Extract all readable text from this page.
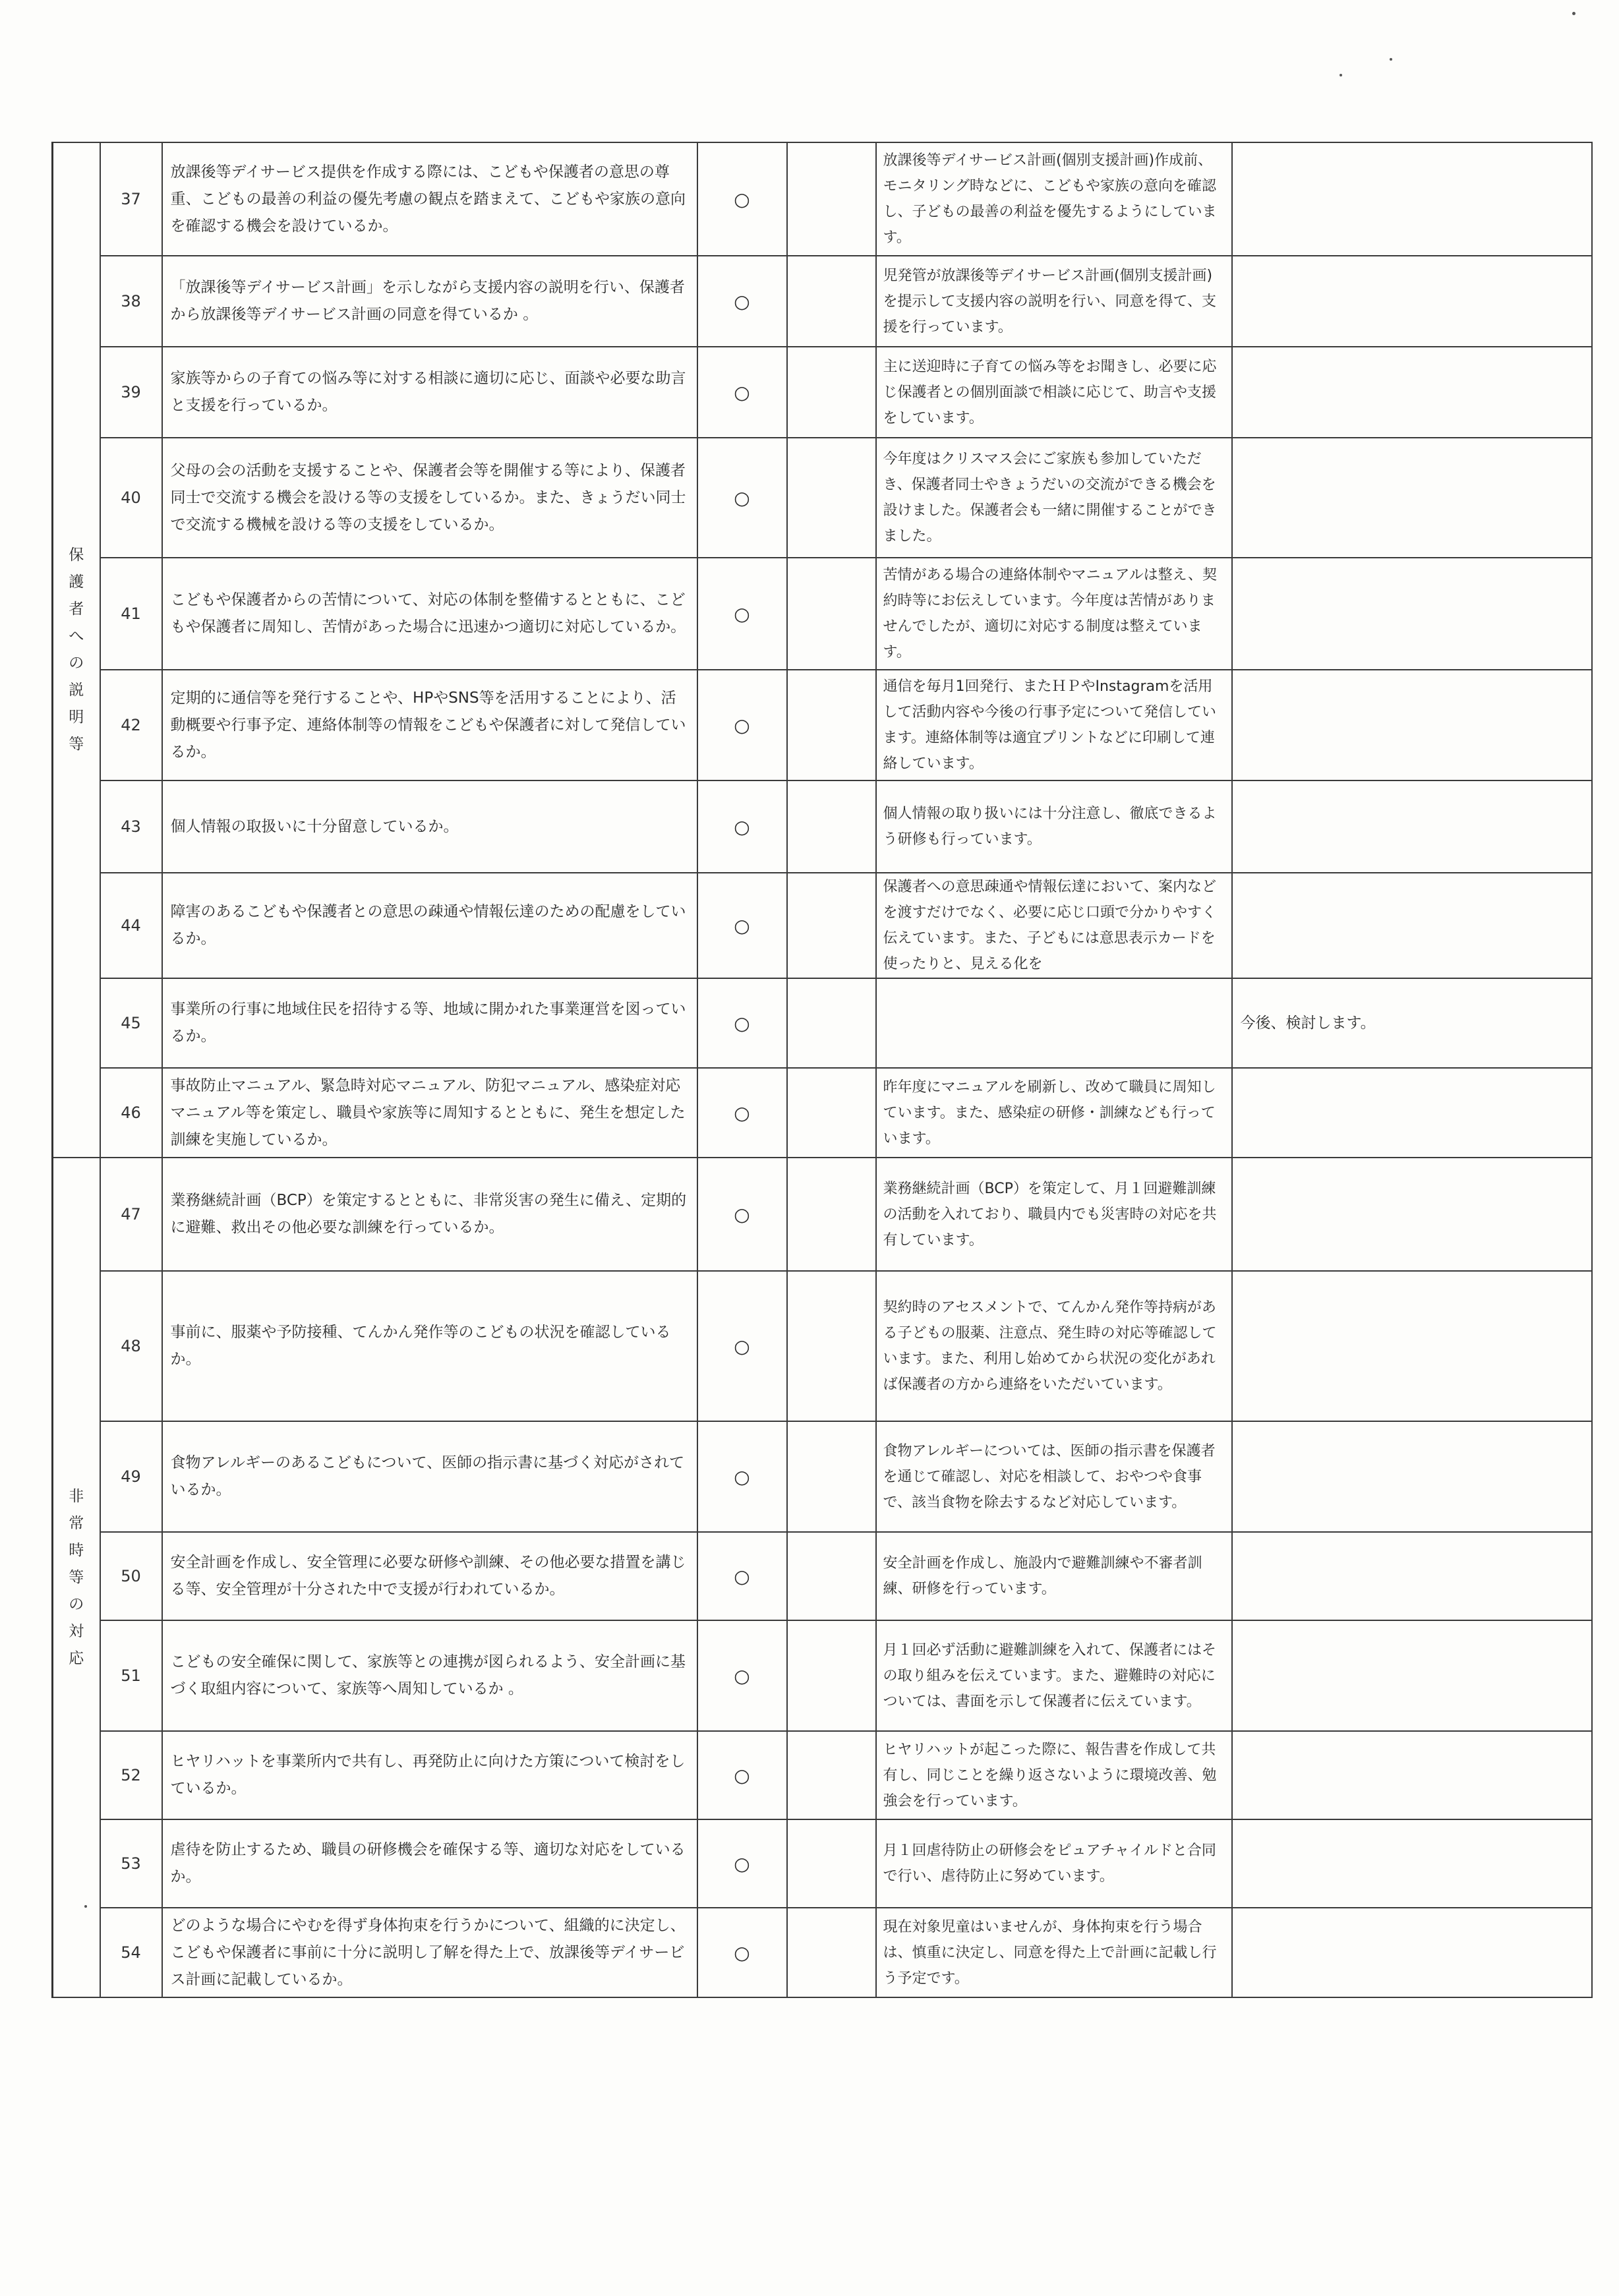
保護者への説明等	37	放課後等デイサービス提供を作成する際には、こどもや保護者の意思の尊重、こどもの最善の利益の優先考慮の観点を踏まえて、こどもや家族の意向を確認する機会を設けているか。	○		放課後等デイサービス計画(個別支援計画)作成前、モニタリング時などに、こどもや家族の意向を確認し、子どもの最善の利益を優先するようにしています。	
	38	「放課後等デイサービス計画」を示しながら支援内容の説明を行い、保護者から放課後等デイサービス計画の同意を得ているか 。	○		児発管が放課後等デイサービス計画(個別支援計画)を提示して支援内容の説明を行い、同意を得て、支援を行っています。	
	39	家族等からの子育ての悩み等に対する相談に適切に応じ、面談や必要な助言と支援を行っているか。	○		主に送迎時に子育ての悩み等をお聞きし、必要に応じ保護者との個別面談で相談に応じて、助言や支援をしています。	
	40	父母の会の活動を支援することや、保護者会等を開催する等により、保護者同士で交流する機会を設ける等の支援をしているか。また、きょうだい同士で交流する機械を設ける等の支援をしているか。	○		今年度はクリスマス会にご家族も参加していただき、保護者同士やきょうだいの交流ができる機会を設けました。保護者会も一緒に開催することができました。	
	41	こどもや保護者からの苦情について、対応の体制を整備するとともに、こどもや保護者に周知し、苦情があった場合に迅速かつ適切に対応しているか。	○		苦情がある場合の連絡体制やマニュアルは整え、契約時等にお伝えしています。今年度は苦情がありませんでしたが、適切に対応する制度は整えています。	
	42	定期的に通信等を発行することや、HPやSNS等を活用することにより、活動概要や行事予定、連絡体制等の情報をこどもや保護者に対して発信しているか。	○		通信を毎月1回発行、またＨＰやInstagramを活用して活動内容や今後の行事予定について発信しています。連絡体制等は適宜プリントなどに印刷して連絡しています。	
	43	個人情報の取扱いに十分留意しているか。	○		個人情報の取り扱いには十分注意し、徹底できるよう研修も行っています。	
	44	障害のあるこどもや保護者との意思の疎通や情報伝達のための配慮をしているか。	○		保護者への意思疎通や情報伝達において、案内などを渡すだけでなく、必要に応じ口頭で分かりやすく伝えています。また、子どもには意思表示カードを使ったりと、見える化を	
	45	事業所の行事に地域住民を招待する等、地域に開かれた事業運営を図っているか。	○			今後、検討します。
	46	事故防止マニュアル、緊急時対応マニュアル、防犯マニュアル、感染症対応マニュアル等を策定し、職員や家族等に周知するとともに、発生を想定した訓練を実施しているか。	○		昨年度にマニュアルを刷新し、改めて職員に周知しています。また、感染症の研修・訓練なども行っています。	
非常時等の対応	47	業務継続計画（BCP）を策定するとともに、非常災害の発生に備え、定期的に避難、救出その他必要な訓練を行っているか。	○		業務継続計画（BCP）を策定して、月１回避難訓練の活動を入れており、職員内でも災害時の対応を共有しています。	
	48	事前に、服薬や予防接種、てんかん発作等のこどもの状況を確認しているか。	○		契約時のアセスメントで、てんかん発作等持病がある子どもの服薬、注意点、発生時の対応等確認しています。また、利用し始めてから状況の変化があれば保護者の方から連絡をいただいています。	
	49	食物アレルギーのあるこどもについて、医師の指示書に基づく対応がされているか。	○		食物アレルギーについては、医師の指示書を保護者を通じて確認し、対応を相談して、おやつや食事で、該当食物を除去するなど対応しています。	
	50	安全計画を作成し、安全管理に必要な研修や訓練、その他必要な措置を講じる等、安全管理が十分された中で支援が行われているか。	○		安全計画を作成し、施設内で避難訓練や不審者訓練、研修を行っています。	
	51	こどもの安全確保に関して、家族等との連携が図られるよう、安全計画に基づく取組内容について、家族等へ周知しているか 。	○		月１回必ず活動に避難訓練を入れて、保護者にはその取り組みを伝えています。また、避難時の対応については、書面を示して保護者に伝えています。	
	52	ヒヤリハットを事業所内で共有し、再発防止に向けた方策について検討をしているか。	○		ヒヤリハットが起こった際に、報告書を作成して共有し、同じことを繰り返さないように環境改善、勉強会を行っています。	
	53	虐待を防止するため、職員の研修機会を確保する等、適切な対応をしているか。	○		月１回虐待防止の研修会をピュアチャイルドと合同で行い、虐待防止に努めています。	
	54	どのような場合にやむを得ず身体拘束を行うかについて、組織的に決定し、こどもや保護者に事前に十分に説明し了解を得た上で、放課後等デイサービス計画に記載しているか。	○		現在対象児童はいませんが、身体拘束を行う場合は、慎重に決定し、同意を得た上で計画に記載し行う予定です。	
